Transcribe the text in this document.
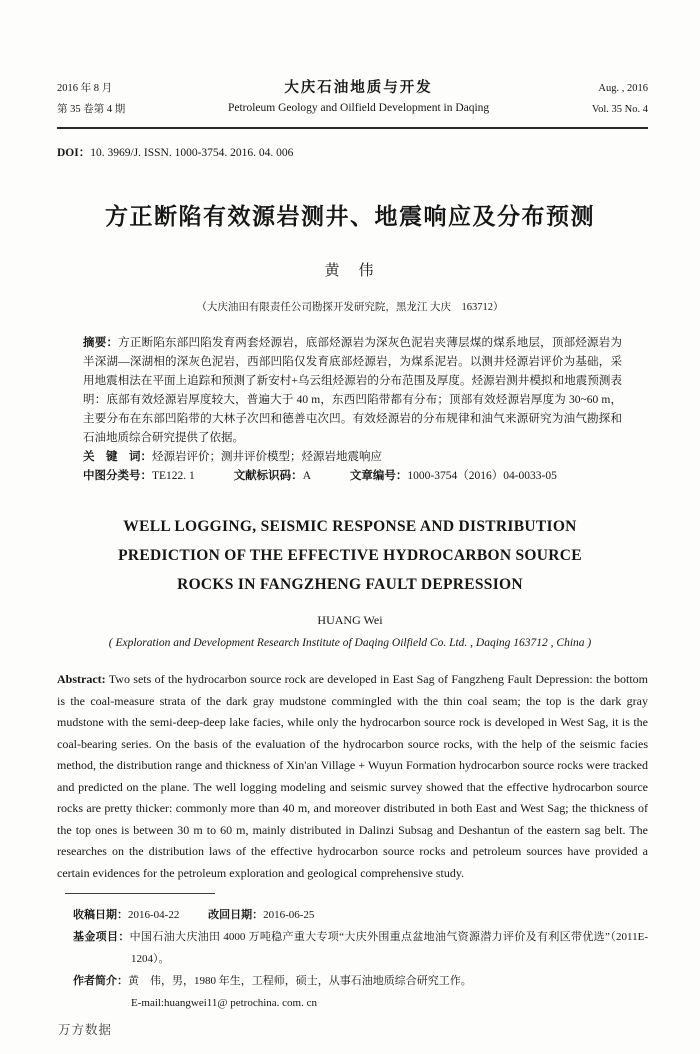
2016 年 8 月
第 35 卷第 4 期
大庆石油地质与开发
Petroleum Geology and Oilfield Development in Daqing
Aug. , 2016
Vol. 35 No. 4
DOI：10. 3969/J. ISSN. 1000-3754. 2016. 04. 006
方正断陷有效源岩测井、地震响应及分布预测
黄　伟
（大庆油田有限责任公司勘探开发研究院，黑龙江 大庆　163712）

摘要：方正断陷东部凹陷发育两套烃源岩，底部烃源岩为深灰色泥岩夹薄层煤的煤系地层，顶部烃源岩为半深湖—深湖相的深灰色泥岩，西部凹陷仅发育底部烃源岩，为煤系泥岩。以测井烃源岩评价为基础，采用地震相法在平面上追踪和预测了新安村+乌云组烃源岩的分布范围及厚度。烃源岩测井模拟和地震预测表明：底部有效烃源岩厚度较大，普遍大于 40 m，东西凹陷带都有分布；顶部有效烃源岩厚度为 30~60 m，主要分布在东部凹陷带的大林子次凹和德善屯次凹。有效烃源岩的分布规律和油气来源研究为油气勘探和石油地质综合研究提供了依据。

关　键　词：烃源岩评价；测井评价模型；烃源岩地震响应

中图分类号：TE122. 1	文献标识码：A	文章编号：1000-3754（2016）04-0033-05

WELL LOGGING, SEISMIC RESPONSE AND DISTRIBUTION
PREDICTION OF THE EFFECTIVE HYDROCARBON SOURCE
ROCKS IN FANGZHENG FAULT DEPRESSION
HUANG Wei
( Exploration and Development Research Institute of Daqing Oilfield Co. Ltd. , Daqing 163712 , China )

Abstract: Two sets of the hydrocarbon source rock are developed in East Sag of Fangzheng Fault Depression: the bottom is the coal-measure strata of the dark gray mudstone commingled with the thin coal seam; the top is the dark gray mudstone with the semi-deep-deep lake facies, while only the hydrocarbon source rock is developed in West Sag, it is the coal-bearing series. On the basis of the evaluation of the hydrocarbon source rocks, with the help of the seismic facies method, the distribution range and thickness of Xin'an Village + Wuyun Formation hydrocarbon source rocks were tracked and predicted on the plane. The well logging modeling and seismic survey showed that the effective hydrocarbon source rocks are pretty thicker: commonly more than 40 m, and moreover distributed in both East and West Sag; the thickness of the top ones is between 30 m to 60 m, mainly distributed in Dalinzi Subsag and Deshantun of the eastern sag belt. The researches on the distribution laws of the effective hydrocarbon source rocks and petroleum sources have provided a certain evidences for the petroleum exploration and geological comprehensive study.

收稿日期：2016-04-22	改回日期：2016-06-25

基金项目：中国石油大庆油田 4000 万吨稳产重大专项“大庆外围重点盆地油气资源潜力评价及有利区带优选”（2011E-1204）。

作者简介：黄　伟，男，1980 年生，工程师，硕士，从事石油地质综合研究工作。

E-mail:huangwei11@ petrochina. com. cn

万方数据
